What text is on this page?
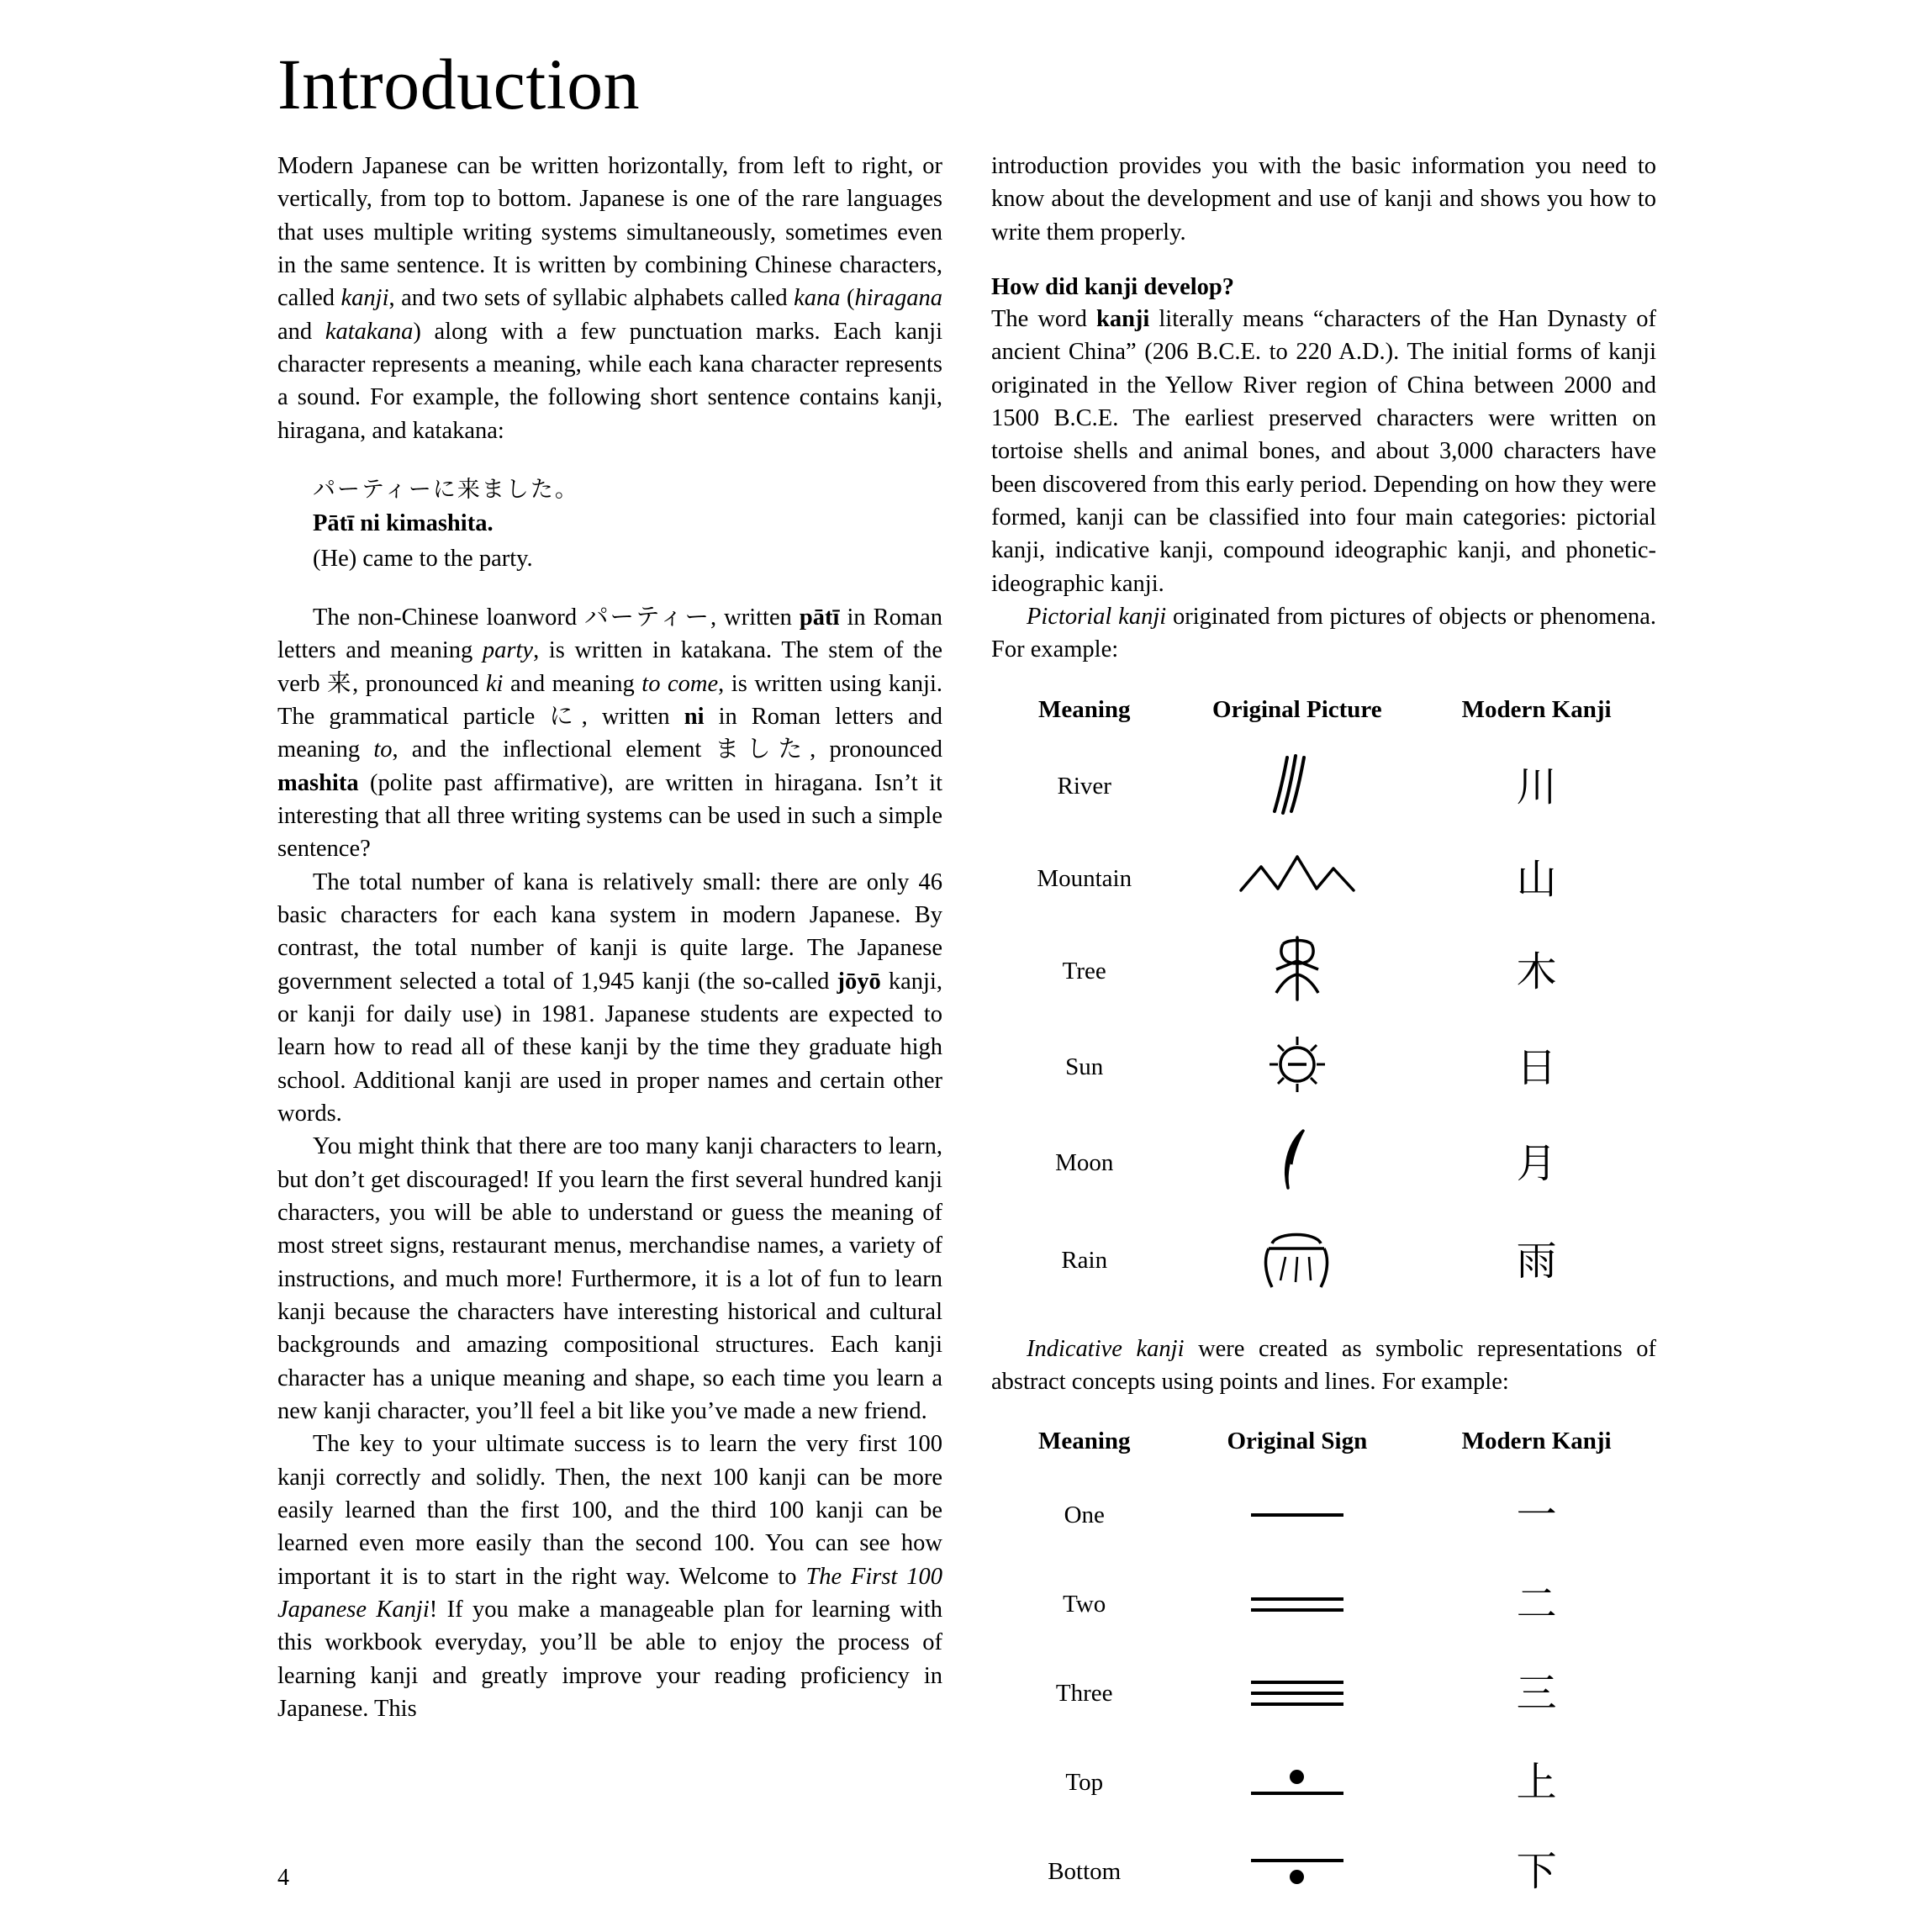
Introduction

Modern Japanese can be written horizontally, from left to right, or vertically, from top to bottom. Japanese is one of the rare languages that uses multiple writing systems simultaneously, sometimes even in the same sentence. It is written by combining Chinese characters, called kanji, and two sets of syllabic alphabets called kana (hiragana and katakana) along with a few punctuation marks. Each kanji character represents a meaning, while each kana character represents a sound. For example, the following short sentence contains kanji, hiragana, and katakana:

パーティーに来ました。
Pātī ni kimashita.
(He) came to the party.

The non-Chinese loanword パーティー, written pātī in Roman letters and meaning party, is written in katakana. The stem of the verb 来, pronounced ki and meaning to come, is written using kanji. The grammatical particle に, written ni in Roman letters and meaning to, and the inflectional element ました, pronounced mashita (polite past affirmative), are written in hiragana. Isn’t it interesting that all three writing systems can be used in such a simple sentence?

The total number of kana is relatively small: there are only 46 basic characters for each kana system in modern Japanese. By contrast, the total number of kanji is quite large. The Japanese government selected a total of 1,945 kanji (the so-called jōyō kanji, or kanji for daily use) in 1981. Japanese students are expected to learn how to read all of these kanji by the time they graduate high school. Additional kanji are used in proper names and certain other words.

You might think that there are too many kanji characters to learn, but don’t get discouraged! If you learn the first several hundred kanji characters, you will be able to understand or guess the meaning of most street signs, restaurant menus, merchandise names, a variety of instructions, and much more! Furthermore, it is a lot of fun to learn kanji because the characters have interesting historical and cultural backgrounds and amazing compositional structures. Each kanji character has a unique meaning and shape, so each time you learn a new kanji character, you’ll feel a bit like you’ve made a new friend.

The key to your ultimate success is to learn the very first 100 kanji correctly and solidly. Then, the next 100 kanji can be more easily learned than the first 100, and the third 100 kanji can be learned even more easily than the second 100. You can see how important it is to start in the right way. Welcome to The First 100 Japanese Kanji! If you make a manageable plan for learning with this workbook everyday, you’ll be able to enjoy the process of learning kanji and greatly improve your reading proficiency in Japanese. This

introduction provides you with the basic information you need to know about the development and use of kanji and shows you how to write them properly.

How did kanji develop?

The word kanji literally means “characters of the Han Dynasty of ancient China” (206 B.C.E. to 220 A.D.). The initial forms of kanji originated in the Yellow River region of China between 2000 and 1500 B.C.E. The earliest preserved characters were written on tortoise shells and animal bones, and about 3,000 characters have been discovered from this early period. Depending on how they were formed, kanji can be classified into four main categories: pictorial kanji, indicative kanji, compound ideographic kanji, and phonetic-ideographic kanji.

Pictorial kanji originated from pictures of objects or phenomena. For example:

Meaning	Original Picture	Modern Kanji
River		川
Mountain		山
Tree		木
Sun		日
Moon		月
Rain		雨

Indicative kanji were created as symbolic representations of abstract concepts using points and lines. For example:

Meaning	Original Sign	Modern Kanji
One		一
Two		二
Three		三
Top		上
Bottom		下
4
